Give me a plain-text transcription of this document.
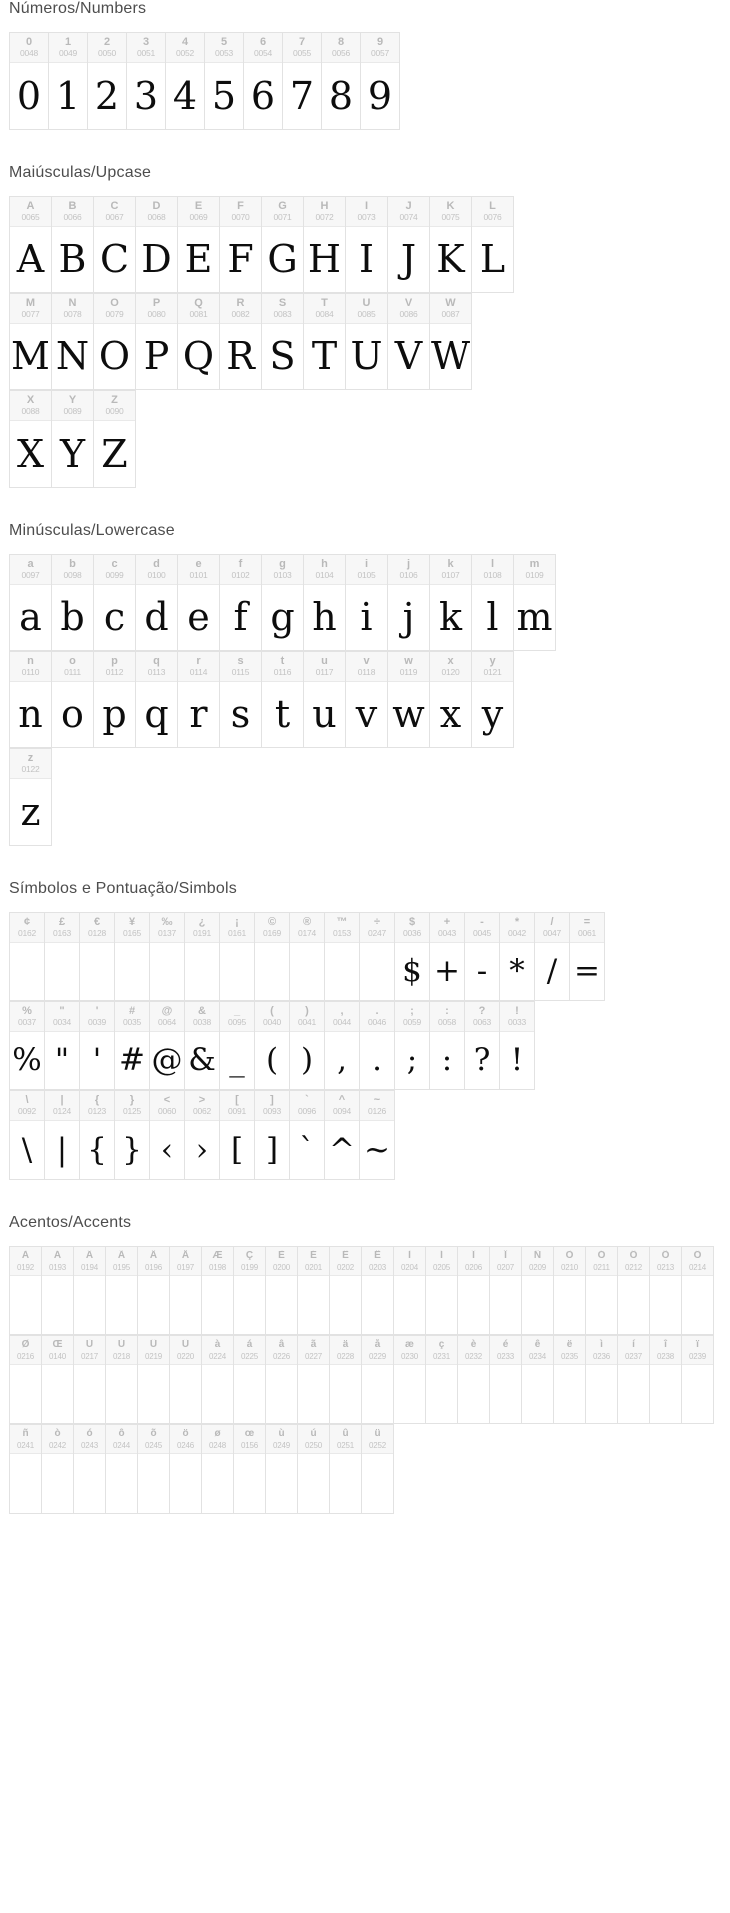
Números/Numbers
0
0048
0
1
0049
1
2
0050
2
3
0051
3
4
0052
4
5
0053
5
6
0054
6
7
0055
7
8
0056
8
9
0057
9
Maiúsculas/Upcase
A
0065
A
B
0066
B
C
0067
C
D
0068
D
E
0069
E
F
0070
F
G
0071
G
H
0072
H
I
0073
I
J
0074
J
K
0075
K
L
0076
L
M
0077
M
N
0078
N
O
0079
O
P
0080
P
Q
0081
Q
R
0082
R
S
0083
S
T
0084
T
U
0085
U
V
0086
V
W
0087
W
X
0088
X
Y
0089
Y
Z
0090
Z
Minúsculas/Lowercase
a
0097
a
b
0098
b
c
0099
c
d
0100
d
e
0101
e
f
0102
f
g
0103
g
h
0104
h
i
0105
i
j
0106
j
k
0107
k
l
0108
l
m
0109
m
n
0110
n
o
0111
o
p
0112
p
q
0113
q
r
0114
r
s
0115
s
t
0116
t
u
0117
u
v
0118
v
w
0119
w
x
0120
x
y
0121
y
z
0122
z
Símbolos e Pontuação/Simbols
¢
0162
£
0163
€
0128
¥
0165
‰
0137
¿
0191
¡
0161
©
0169
®
0174
™
0153
÷
0247
$
0036
$
+
0043
+
-
0045
-
*
0042
*
/
0047
/
=
0061
=
%
0037
%
"
0034
"
'
0039
'
#
0035
#
@
0064
@
&
0038
&
_
0095
_
(
0040
(
)
0041
)
,
0044
,
.
0046
.
;
0059
;
:
0058
:
?
0063
?
!
0033
!
\
0092
\
|
0124
|
{
0123
{
}
0125
}
<
0060
‹
>
0062
›
[
0091
[
]
0093
]
`
0096
`
^
0094
^
~
0126
~
Acentos/Accents
À
0192
Á
0193
Â
0194
Ã
0195
Ä
0196
Å
0197
Æ
0198
Ç
0199
È
0200
É
0201
Ê
0202
Ë
0203
Ì
0204
Í
0205
Î
0206
Ï
0207
Ñ
0209
Ò
0210
Ó
0211
Ô
0212
Õ
0213
Ö
0214
Ø
0216
Œ
0140
Ù
0217
Ú
0218
Û
0219
Ü
0220
à
0224
á
0225
â
0226
ã
0227
ä
0228
å
0229
æ
0230
ç
0231
è
0232
é
0233
ê
0234
ë
0235
ì
0236
í
0237
î
0238
ï
0239
ñ
0241
ò
0242
ó
0243
ô
0244
õ
0245
ö
0246
ø
0248
œ
0156
ù
0249
ú
0250
û
0251
ü
0252
